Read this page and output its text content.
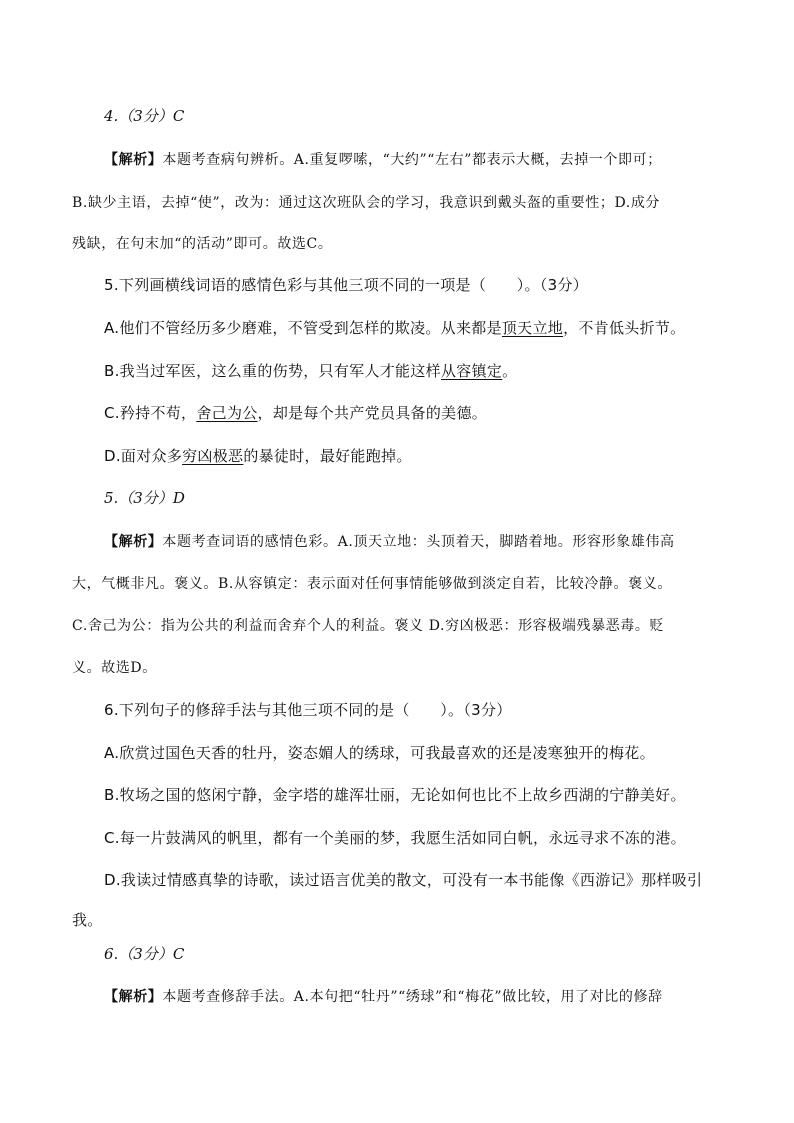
4.（3分）C
【解析】本题考查病句辨析。A.重复啰嗦，“大约”“左右”都表示大概，去掉一个即可；
B.缺少主语，去掉“使”，改为：通过这次班队会的学习，我意识到戴头盔的重要性；D.成分
残缺，在句末加“的活动”即可。故选C。
5.下列画横线词语的感情色彩与其他三项不同的一项是（　　）。（3分）
A.他们不管经历多少磨难，不管受到怎样的欺凌。从来都是顶天立地，不肯低头折节。
B.我当过军医，这么重的伤势，只有军人才能这样从容镇定。
C.矜持不苟，舍己为公，却是每个共产党员具备的美德。
D.面对众多穷凶极恶的暴徒时，最好能跑掉。
5.（3分）D
【解析】本题考查词语的感情色彩。A.顶天立地：头顶着天，脚踏着地。形容形象雄伟高
大，气概非凡。褒义。B.从容镇定：表示面对任何事情能够做到淡定自若，比较冷静。褒义。
C.舍己为公：指为公共的利益而舍弃个人的利益。褒义 D.穷凶极恶：形容极端残暴恶毒。贬
义。故选D。
6.下列句子的修辞手法与其他三项不同的是（　　）。（3分）
A.欣赏过国色天香的牡丹，姿态媚人的绣球，可我最喜欢的还是凌寒独开的梅花。
B.牧场之国的悠闲宁静，金字塔的雄浑壮丽，无论如何也比不上故乡西湖的宁静美好。
C.每一片鼓满风的帆里，都有一个美丽的梦，我愿生活如同白帆，永远寻求不冻的港。
D.我读过情感真挚的诗歌，读过语言优美的散文，可没有一本书能像《西游记》那样吸引
我。
6.（3分）C
【解析】本题考查修辞手法。A.本句把“牡丹”“绣球”和“梅花”做比较，用了对比的修辞
